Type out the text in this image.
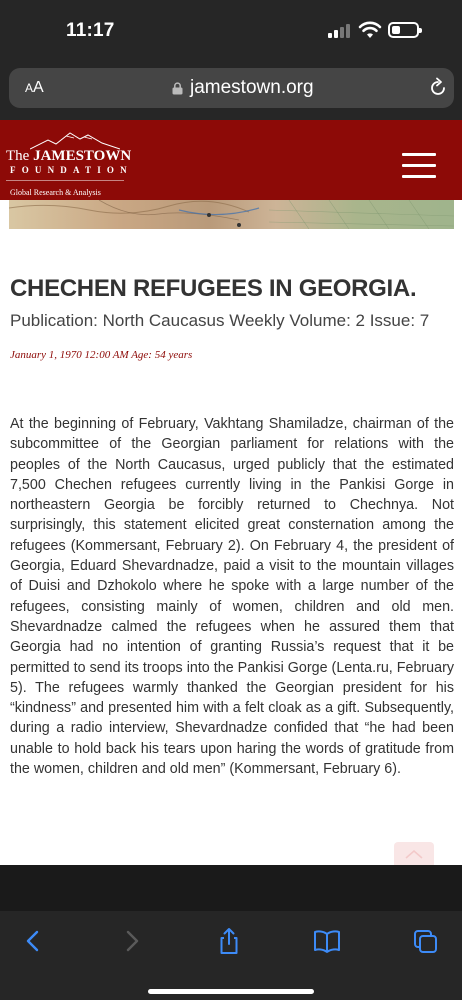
11:17
AA	jamestown.org
The JAMESTOWN
FOUNDATION
Global Research & Analysis
CHECHEN REFUGEES IN GEORGIA.
Publication: North Caucasus Weekly Volume: 2 Issue: 7
January 1, 1970 12:00 AM Age: 54 years

At the beginning of February, Vakhtang Shamiladze, chairman of the subcommittee of the Georgian parliament for relations with the peoples of the North Caucasus, urged publicly that the estimated 7,500 Chechen refugees currently living in the Pankisi Gorge in northeastern Georgia be forcibly returned to Chechnya. Not surprisingly, this statement elicited great consternation among the refugees (Kommersant, February 2). On February 4, the president of Georgia, Eduard Shevardnadze, paid a visit to the mountain villages of Duisi and Dzhokolo where he spoke with a large number of the refugees, consisting mainly of women, children and old men. Shevardnadze calmed the refugees when he assured them that Georgia had no intention of granting Russia’s request that it be permitted to send its troops into the Pankisi Gorge (Lenta.ru, February 5). The refugees warmly thanked the Georgian president for his “kindness” and presented him with a felt cloak as a gift. Subsequently, during a radio interview, Shevardnadze confided that “he had been unable to hold back his tears upon haring the words of gratitude from the women, children and old men” (Kommersant, February 6).
